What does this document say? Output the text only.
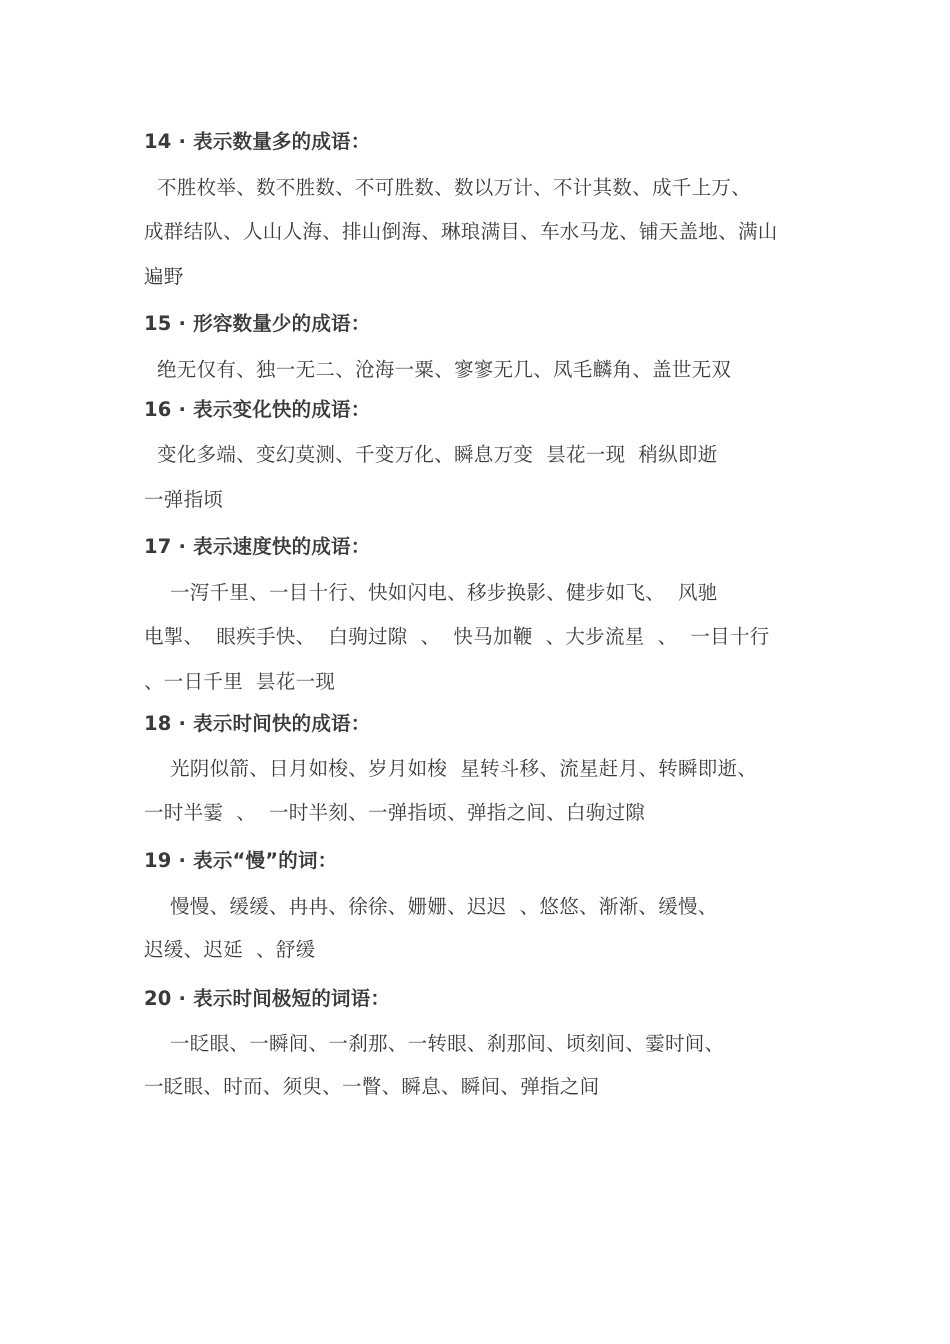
14 · 表示数量多的成语：
不胜枚举、数不胜数、不可胜数、数以万计、不计其数、成千上万、
成群结队、人山人海、排山倒海、琳琅满目、车水马龙、铺天盖地、满山
遍野
15 · 形容数量少的成语：
绝无仅有、独一无二、沧海一粟、寥寥无几、凤毛麟角、盖世无双
16 · 表示变化快的成语：
变化多端、变幻莫测、千变万化、瞬息万变  昙花一现  稍纵即逝
一弹指顷
17 · 表示速度快的成语：
一泻千里、一目十行、快如闪电、移步换影、健步如飞、  风驰
电掣、  眼疾手快、  白驹过隙  、  快马加鞭  、大步流星  、  一目十行
、一日千里  昙花一现
18 · 表示时间快的成语：
光阴似箭、日月如梭、岁月如梭  星转斗移、流星赶月、转瞬即逝、
一时半霎  、  一时半刻、一弹指顷、弹指之间、白驹过隙
19 · 表示“慢”的词：
慢慢、缓缓、冉冉、徐徐、姗姗、迟迟  、悠悠、渐渐、缓慢、
迟缓、迟延  、舒缓
20 · 表示时间极短的词语：
一眨眼、一瞬间、一刹那、一转眼、刹那间、顷刻间、霎时间、
一眨眼、时而、须臾、一瞥、瞬息、瞬间、弹指之间
